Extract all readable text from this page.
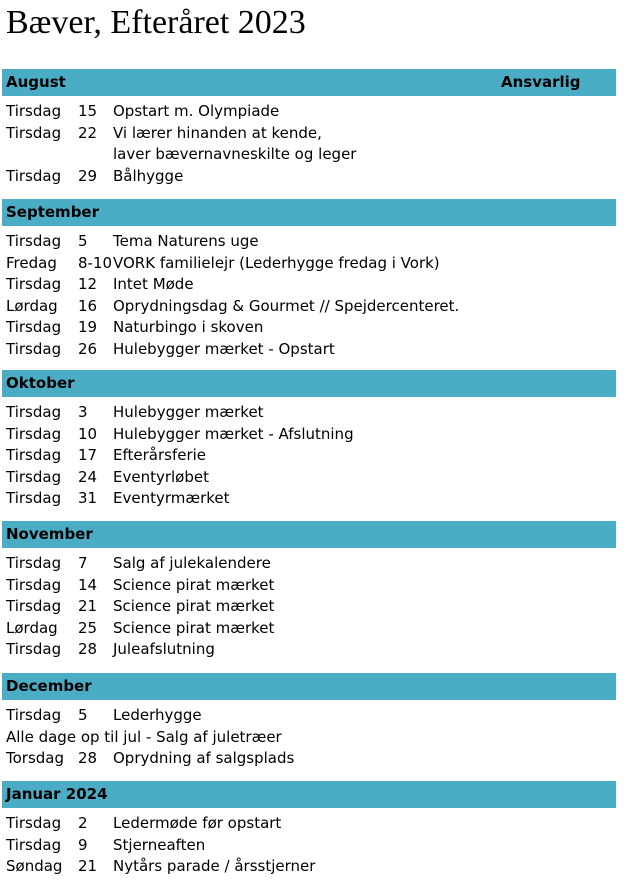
Bæver, Efteråret 2023
August	Ansvarlig
Tirsdag 15 Opstart m. Olympiade
Tirsdag 22 Vi lærer hinanden at kende,
laver bævernavneskilte og leger
Tirsdag 29 Bålhygge
September
Tirsdag 5 Tema Naturens uge
Fredag 8-10 VORK familielejr (Lederhygge fredag i Vork)
Tirsdag 12 Intet Møde
Lørdag 16 Oprydningsdag & Gourmet // Spejdercenteret.
Tirsdag 19 Naturbingo i skoven
Tirsdag 26 Hulebygger mærket - Opstart
Oktober
Tirsdag 3 Hulebygger mærket
Tirsdag 10 Hulebygger mærket - Afslutning
Tirsdag 17 Efterårsferie
Tirsdag 24 Eventyrløbet
Tirsdag 31 Eventyrmærket
November
Tirsdag 7 Salg af julekalendere
Tirsdag 14 Science pirat mærket
Tirsdag 21 Science pirat mærket
Lørdag 25 Science pirat mærket
Tirsdag 28 Juleafslutning
December
Tirsdag 5 Lederhygge
Alle dage op til jul - Salg af juletræer
Torsdag 28 Oprydning af salgsplads
Januar 2024
Tirsdag 2 Ledermøde før opstart
Tirsdag 9 Stjerneaften
Søndag 21 Nytårs parade / årsstjerner
